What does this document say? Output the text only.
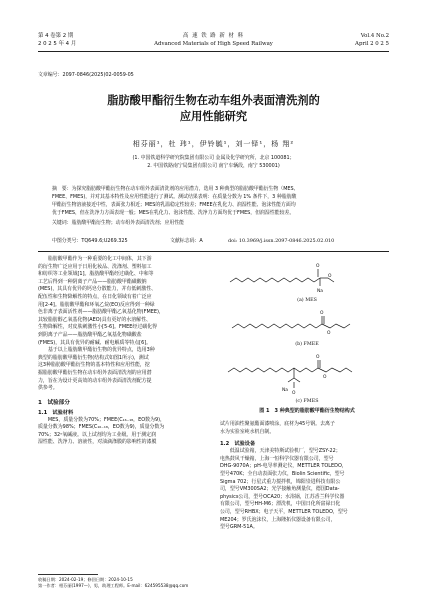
第 4 卷第 2 期
2 0 2 5 年 4 月
高 速 铁 路 新 材 料
Advanced Materials of High Speed Railway
Vol.4 No.2
April 2 0 2 5
文章编号：2097-0846(2025)02-0059-05
脂肪酸甲酯衍生物在动车组外表面清洗剂的
应用性能研究
相芬丽¹，杜 玮¹，伊铃毓¹，刘一铎¹，杨 翔²
(1. 中国铁道科学研究院集团有限公司 金属及化学研究所，北京 100081；
2. 中国铁路南宁局集团有限公司 南宁车辆段，南宁 530001)
摘　要：为探究脂肪酸甲酯衍生物在动车组外表面清洗剂的应用潜力，选用 3 种典型的脂肪酸甲酯衍生物（MES、
FMEE、FMES)，并对其基本特性及应用性能进行了测试。测试结果表明：在质量分数为 1% 条件下，3 种脂肪酸
甲酯衍生物溶液接近中性，表面张力相近；MES的乳温稳定性较差；FMEE在乳化力、润湿性能、泡沫性能方面均
优于FMES，但在洗净力方面表现一般；MES在乳化力、泡沫性能、洗净力方面均优于FMES，但润湿性能较差。
关键词：脂肪酸甲酯衍生物；动车组外表面清洗剂；应用性能
中图分类号：TQ649.6;U269.325	文献标志码：A	doi: 10.3969/j.issn.2097-0846.2025.02.010
　　脂肪酸甲酯作为一种重要的化工中间体，其下游
的衍生物广泛应用于日用化妆品、洗涤剂、塑料加工
和纺织等工业领域[1]。脂肪酸甲酯经过磺化、中和等
工艺后得到一种阴离子产品——脂肪酸甲酯磺酸钠
(MES)，其具有优异的钙皂分散能力，并有低刺激性、
配伍性和生物降解性的特点，在日化领域有着广泛应
用[2-4]。脂肪酸甲酯和环氧乙烷(EO)反应得到一种绿
色非离子表面活性剂——脂肪酸甲酯乙氧基化物(FMEE)，
其较脂肪醇乙氧基化物(AEO)具有更好的水溶解性、
生物降解性，对皮肤刺激性小[5-6]。FMEE经过磺化得
到阴离子产品——脂肪酸甲酯乙氧基化物磺酸盐
(FMES)，其具有优异的耐碱、耐电解质等特点[6]。
　　基于以上脂肪酸甲酯衍生物的优异特点，选用3种
典型的脂肪酸甲酯衍生物(结构式如图1所示)，测试
这3种脂肪酸甲酯衍生物的基本特性和应用性能，挖
掘脂肪酸甲酯衍生物在动车组外表面清洗剂的应用潜
力，旨在为设计更高效的动车组外表面清洗剂配方提
供参考。
1　试验部分
1.1　试验材料
　　MES，质量分数为70%；FMEE(C₁₆₋₁₈，EO数为9)，
质量分数为98%；FMES(C₁₆₋₁₈，EO数为9)，质量分数为
70%；32ᵒ氧碱液。以上试剂均为工业级。用于测定润
湿性能、洗净力、溶液性，对油滴涤膜的影响性的漆膜
收稿日期：2024-02-19；修回日期：2024-10-15
第一作者：相芬丽(1997—)，男，助理工程师。E-mail：624595538@qq.com
O
O
Na
O
O
O
O
Na
O
(a) MES
(b) FMEE
(c) FMES
图 1　3 种典型的脂肪酸甲酯衍生物结构式
试片用油性聚氨酯面漆喷涂，底材为45号钢。去离子
水为实验室纯水机自制。
1.2　试验设备
　　低温试验箱，天津美特斯试验机厂，型号ZSY-22；
电热鼓风干燥箱，上海一恒科学仪器有限公司，型号
DHG-9070A；pH-电导率测定仪，METTLER TOLEDO，
型号470K；全自动表面张力仪，Biolin Scientific，型号
Sigma 702；行星式重力搅拌机，锦阳崇进科技有限公
司，型号VM300SA2；光学接触角测量仪，德国Data-
physics公司，型号OCA20；水浴锅，江苏香兰科学仪器
有限公司，型号HH-M6；漂洗机，中国日化所富禄日化
公司，型号RHBX；电子天平，METTLER TOLEDO，型号
ME204；罗氏泡沫仪，上海隆拓仪器设备有限公司，
型号GRM-51A。
